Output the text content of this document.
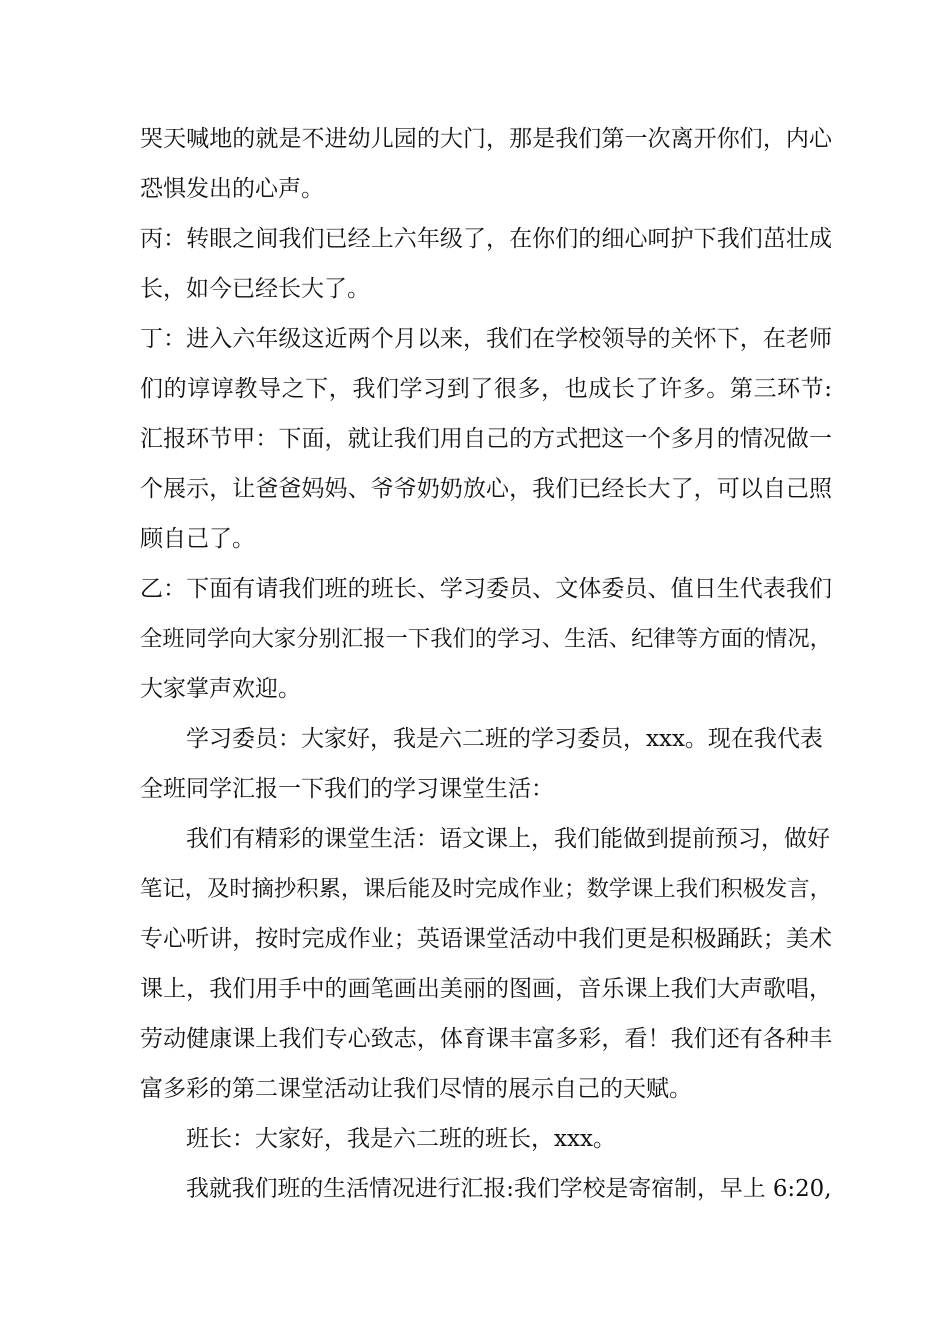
哭天喊地的就是不进幼儿园的大门，那是我们第一次离开你们，内心
恐惧发出的心声。
丙：转眼之间我们已经上六年级了，在你们的细心呵护下我们茁壮成
长，如今已经长大了。
丁：进入六年级这近两个月以来，我们在学校领导的关怀下，在老师
们的谆谆教导之下，我们学习到了很多，也成长了许多。第三环节:
汇报环节甲：下面，就让我们用自己的方式把这一个多月的情况做一
个展示，让爸爸妈妈、爷爷奶奶放心，我们已经长大了，可以自己照
顾自己了。
乙：下面有请我们班的班长、学习委员、文体委员、值日生代表我们
全班同学向大家分别汇报一下我们的学习、生活、纪律等方面的情况，
大家掌声欢迎。
学习委员：大家好，我是六二班的学习委员，xxx。现在我代表
全班同学汇报一下我们的学习课堂生活：
我们有精彩的课堂生活：语文课上，我们能做到提前预习，做好
笔记，及时摘抄积累，课后能及时完成作业；数学课上我们积极发言，
专心听讲，按时完成作业；英语课堂活动中我们更是积极踊跃；美术
课上，我们用手中的画笔画出美丽的图画，音乐课上我们大声歌唱，
劳动健康课上我们专心致志，体育课丰富多彩，看！我们还有各种丰
富多彩的第二课堂活动让我们尽情的展示自己的天赋。
班长：大家好，我是六二班的班长，xxx。
我就我们班的生活情况进行汇报:我们学校是寄宿制，早上 6:20,
